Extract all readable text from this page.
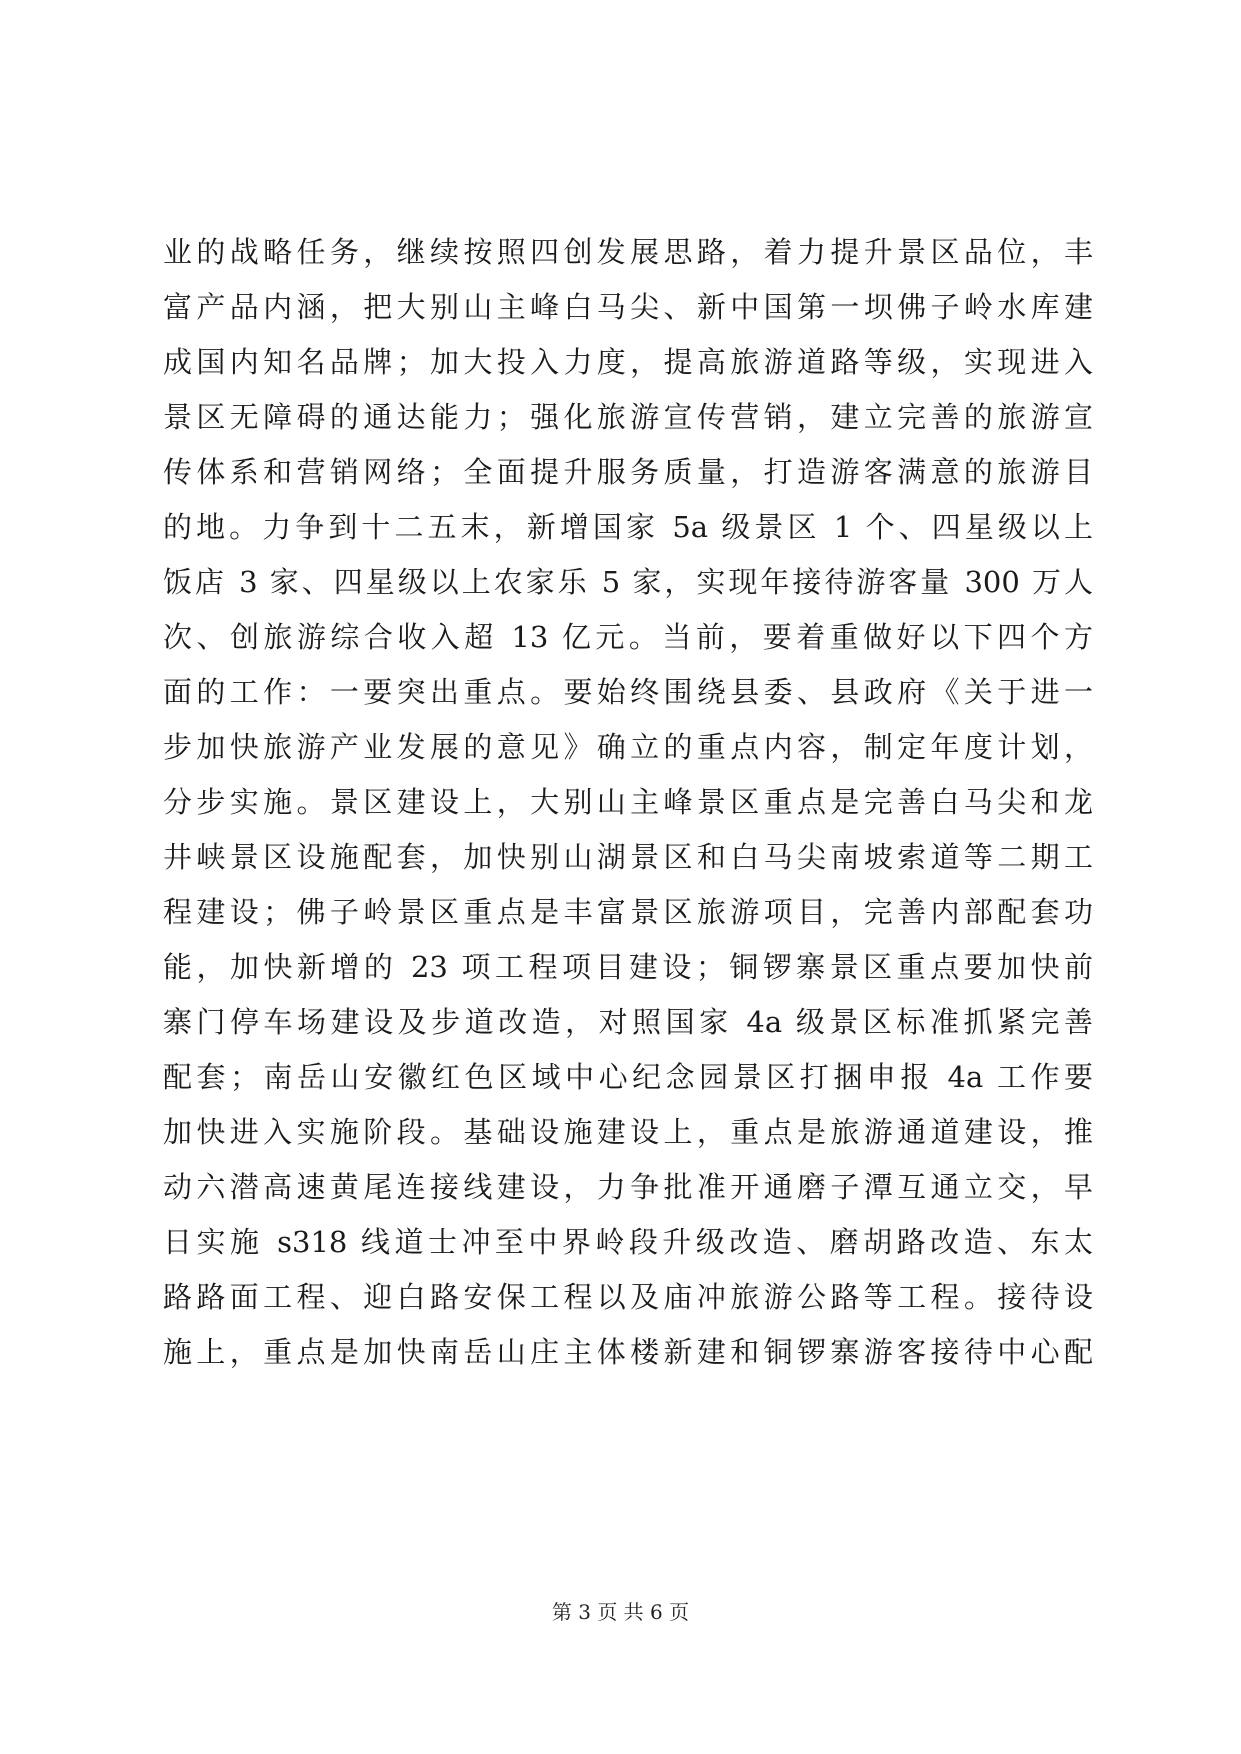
业的战略任务，继续按照四创发展思路，着力提升景区品位，丰
富产品内涵，把大别山主峰白马尖、新中国第一坝佛子岭水库建
成国内知名品牌；加大投入力度，提高旅游道路等级，实现进入
景区无障碍的通达能力；强化旅游宣传营销，建立完善的旅游宣
传体系和营销网络；全面提升服务质量，打造游客满意的旅游目
的地。力争到十二五末，新增国家 5a 级景区 1 个、四星级以上
饭店 3 家、四星级以上农家乐 5 家，实现年接待游客量 300 万人
次、创旅游综合收入超 13 亿元。当前，要着重做好以下四个方
面的工作：一要突出重点。要始终围绕县委、县政府《关于进一
步加快旅游产业发展的意见》确立的重点内容，制定年度计划，
分步实施。景区建设上，大别山主峰景区重点是完善白马尖和龙
井峡景区设施配套，加快别山湖景区和白马尖南坡索道等二期工
程建设；佛子岭景区重点是丰富景区旅游项目，完善内部配套功
能，加快新增的 23 项工程项目建设；铜锣寨景区重点要加快前
寨门停车场建设及步道改造，对照国家 4a 级景区标准抓紧完善
配套；南岳山安徽红色区域中心纪念园景区打捆申报 4a 工作要
加快进入实施阶段。基础设施建设上，重点是旅游通道建设，推
动六潜高速黄尾连接线建设，力争批准开通磨子潭互通立交，早
日实施 s318 线道士冲至中界岭段升级改造、磨胡路改造、东太
路路面工程、迎白路安保工程以及庙冲旅游公路等工程。接待设
施上，重点是加快南岳山庄主体楼新建和铜锣寨游客接待中心配
第 3 页 共 6 页
